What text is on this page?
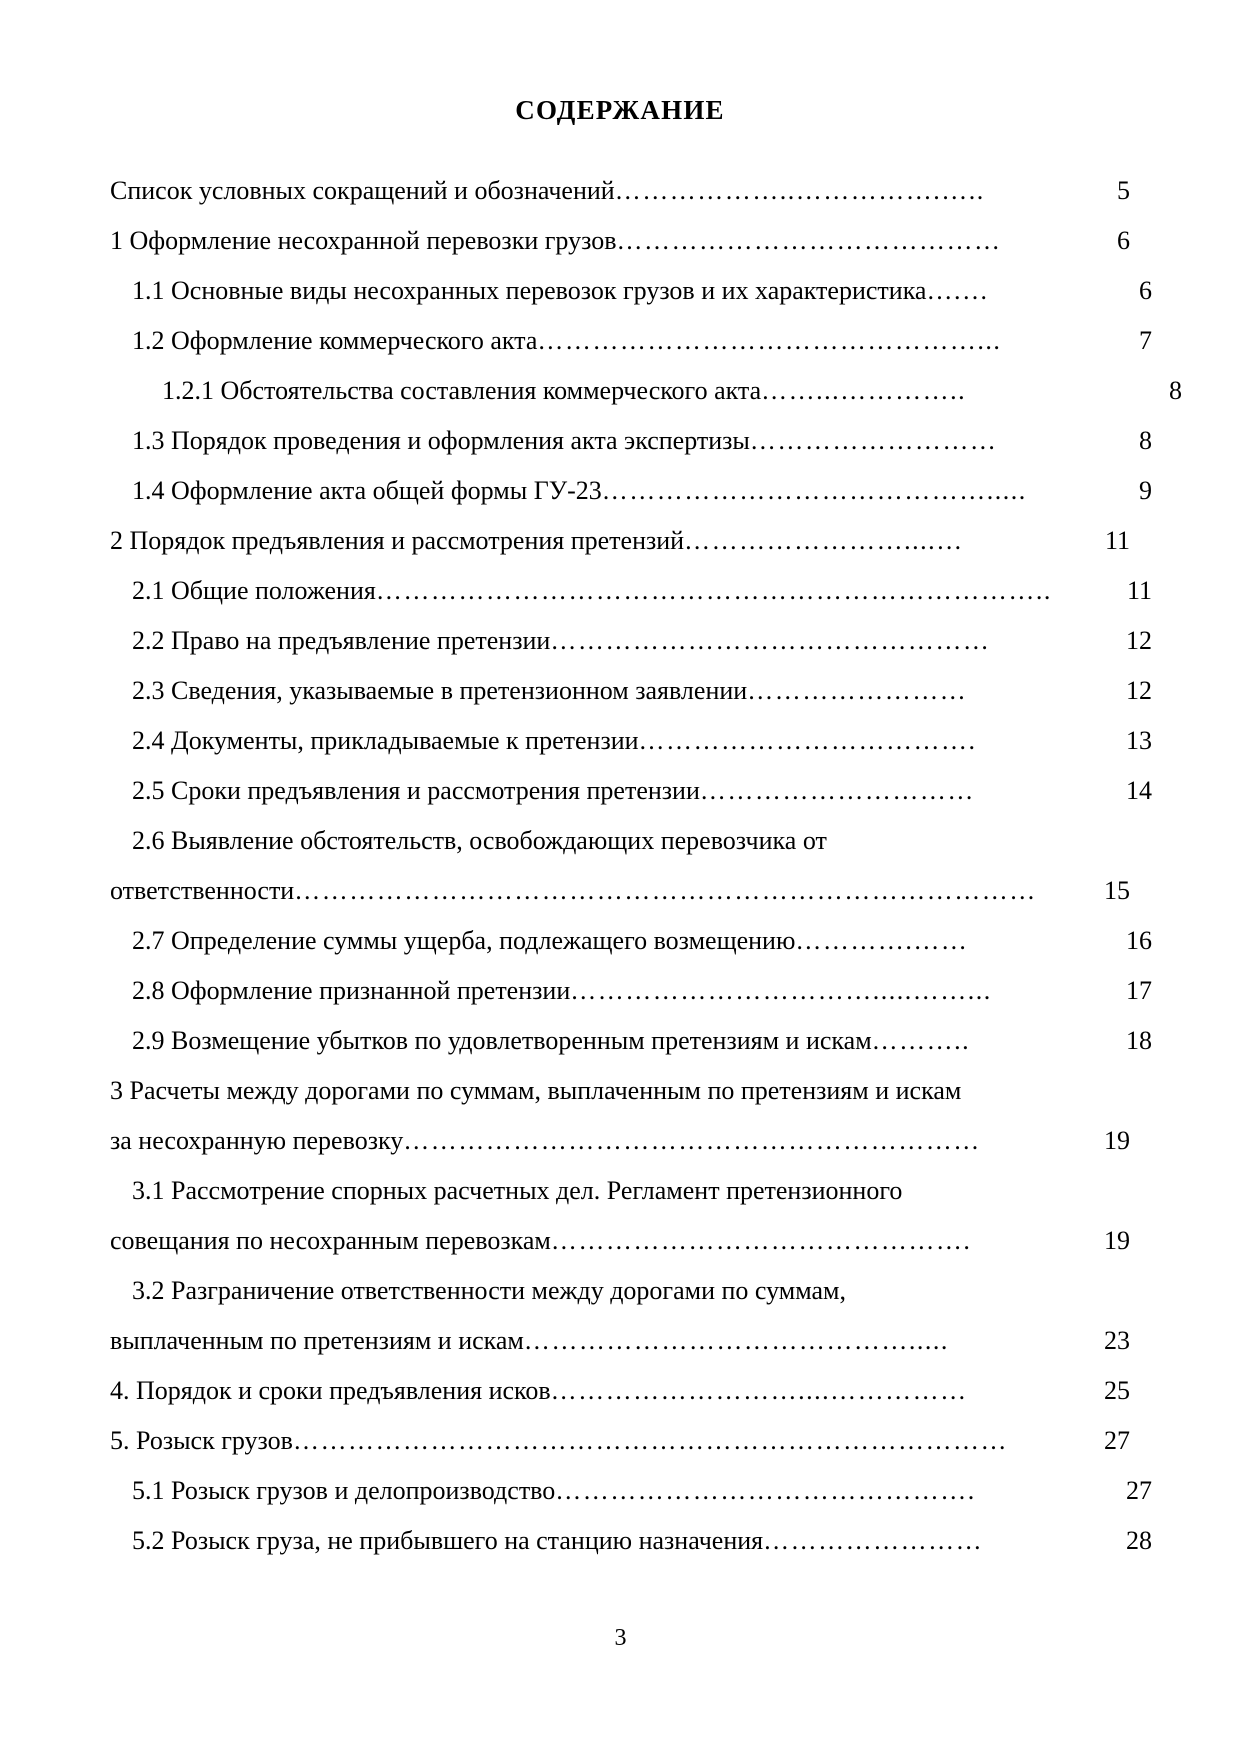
СОДЕРЖАНИЕ
Список условных сокращений и обозначений ………………..…………….…..	5
1 Оформление несохранной перевозки грузов ……………………………………	6
1.1 Основные виды несохранных перевозок грузов и их характеристика ….…	6
1.2 Оформление коммерческого акта …………………………………………...	7
1.2.1 Обстоятельства составления коммерческого акта ……...…………..	8
1.3 Порядок проведения и оформления акта экспертизы ………………………	8
1.4 Оформление акта общей формы ГУ-23 …………………………………….....	9
2 Порядок предъявления и рассмотрения претензий ……………………....…	11
2.1 Общие положения ………………………………………………………………..	11
2.2 Право на предъявление претензии …………………………………………	12
2.3 Сведения, указываемые в претензионном заявлении ……………………	12
2.4 Документы, прикладываемые к претензии ……………………………….	13
2.5 Сроки предъявления и рассмотрения претензии …………………………	14
2.6 Выявление обстоятельств, освобождающих перевозчика от
ответственности ………………………………………………………………………	15
2.7 Определение суммы ущерба, подлежащего возмещению ………….……	16
2.8 Оформление признанной претензии …………………………….....……...	17
2.9 Возмещение убытков по удовлетворенным претензиям и искам ………..	18
3 Расчеты между дорогами по суммам, выплаченным по претензиям и искам
за несохранную перевозку ………………………………………………………	19
3.1 Рассмотрение спорных расчетных дел. Регламент претензионного
совещания по несохранным перевозкам ……………………………………….	19
3.2 Разграничение ответственности между дорогами по суммам,
выплаченным по претензиям и искам …………………………………….....	23
4. Порядок и сроки предъявления исков ………………………....……………	25
5. Розыск грузов ……………………………………………………………………	27
5.1 Розыск грузов и делопроизводство ……………………………………….	27
5.2 Розыск груза, не прибывшего на станцию назначения ……………………	28
3
